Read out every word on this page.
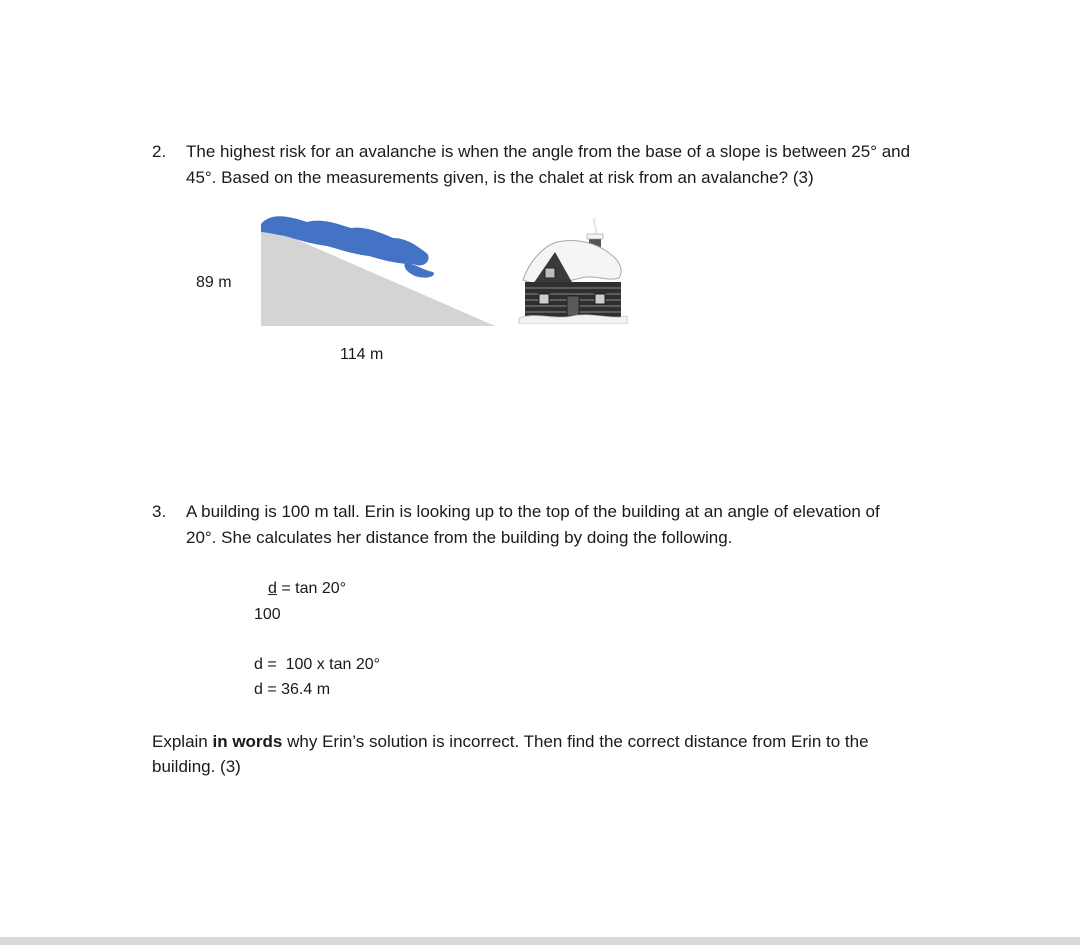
2. The highest risk for an avalanche is when the angle from the base of a slope is between 25° and
45°. Based on the measurements given, is the chalet at risk from an avalanche? (3)
89 m
114 m
3. A building is 100 m tall. Erin is looking up to the top of the building at an angle of elevation of
20°. She calculates her distance from the building by doing the following.
d = tan 20°
100
d =  100 x tan 20°
d = 36.4 m
Explain in words why Erin’s solution is incorrect. Then find the correct distance from Erin to the
building. (3)
